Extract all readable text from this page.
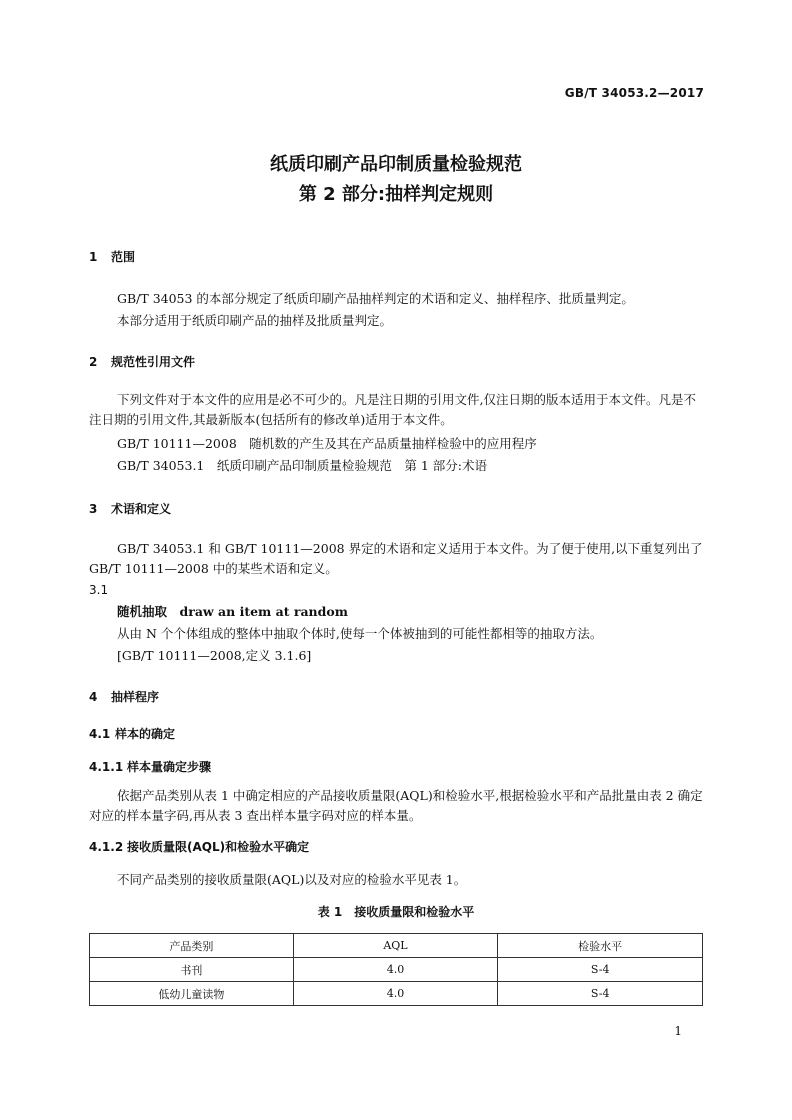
GB/T 34053.2—2017
纸质印刷产品印制质量检验规范
第 2 部分:抽样判定规则
1 范围
GB/T 34053 的本部分规定了纸质印刷产品抽样判定的术语和定义、抽样程序、批质量判定。
本部分适用于纸质印刷产品的抽样及批质量判定。
2 规范性引用文件
下列文件对于本文件的应用是必不可少的。凡是注日期的引用文件,仅注日期的版本适用于本文件。凡是不注日期的引用文件,其最新版本(包括所有的修改单)适用于本文件。
GB/T 10111—2008　随机数的产生及其在产品质量抽样检验中的应用程序
GB/T 34053.1　纸质印刷产品印制质量检验规范　第 1 部分:术语
3 术语和定义
GB/T 34053.1 和 GB/T 10111—2008 界定的术语和定义适用于本文件。为了便于使用,以下重复列出了 GB/T 10111—2008 中的某些术语和定义。
3.1
随机抽取　draw an item at random
从由 N 个个体组成的整体中抽取个体时,使每一个体被抽到的可能性都相等的抽取方法。
[GB/T 10111—2008,定义 3.1.6]
4 抽样程序
4.1 样本的确定
4.1.1 样本量确定步骤
依据产品类别从表 1 中确定相应的产品接收质量限(AQL)和检验水平,根据检验水平和产品批量由表 2 确定对应的样本量字码,再从表 3 查出样本量字码对应的样本量。
4.1.2 接收质量限(AQL)和检验水平确定
不同产品类别的接收质量限(AQL)以及对应的检验水平见表 1。
表 1　接收质量限和检验水平
产品类别	AQL	检验水平
书刊	4.0	S-4
低幼儿童读物	4.0	S-4
1
